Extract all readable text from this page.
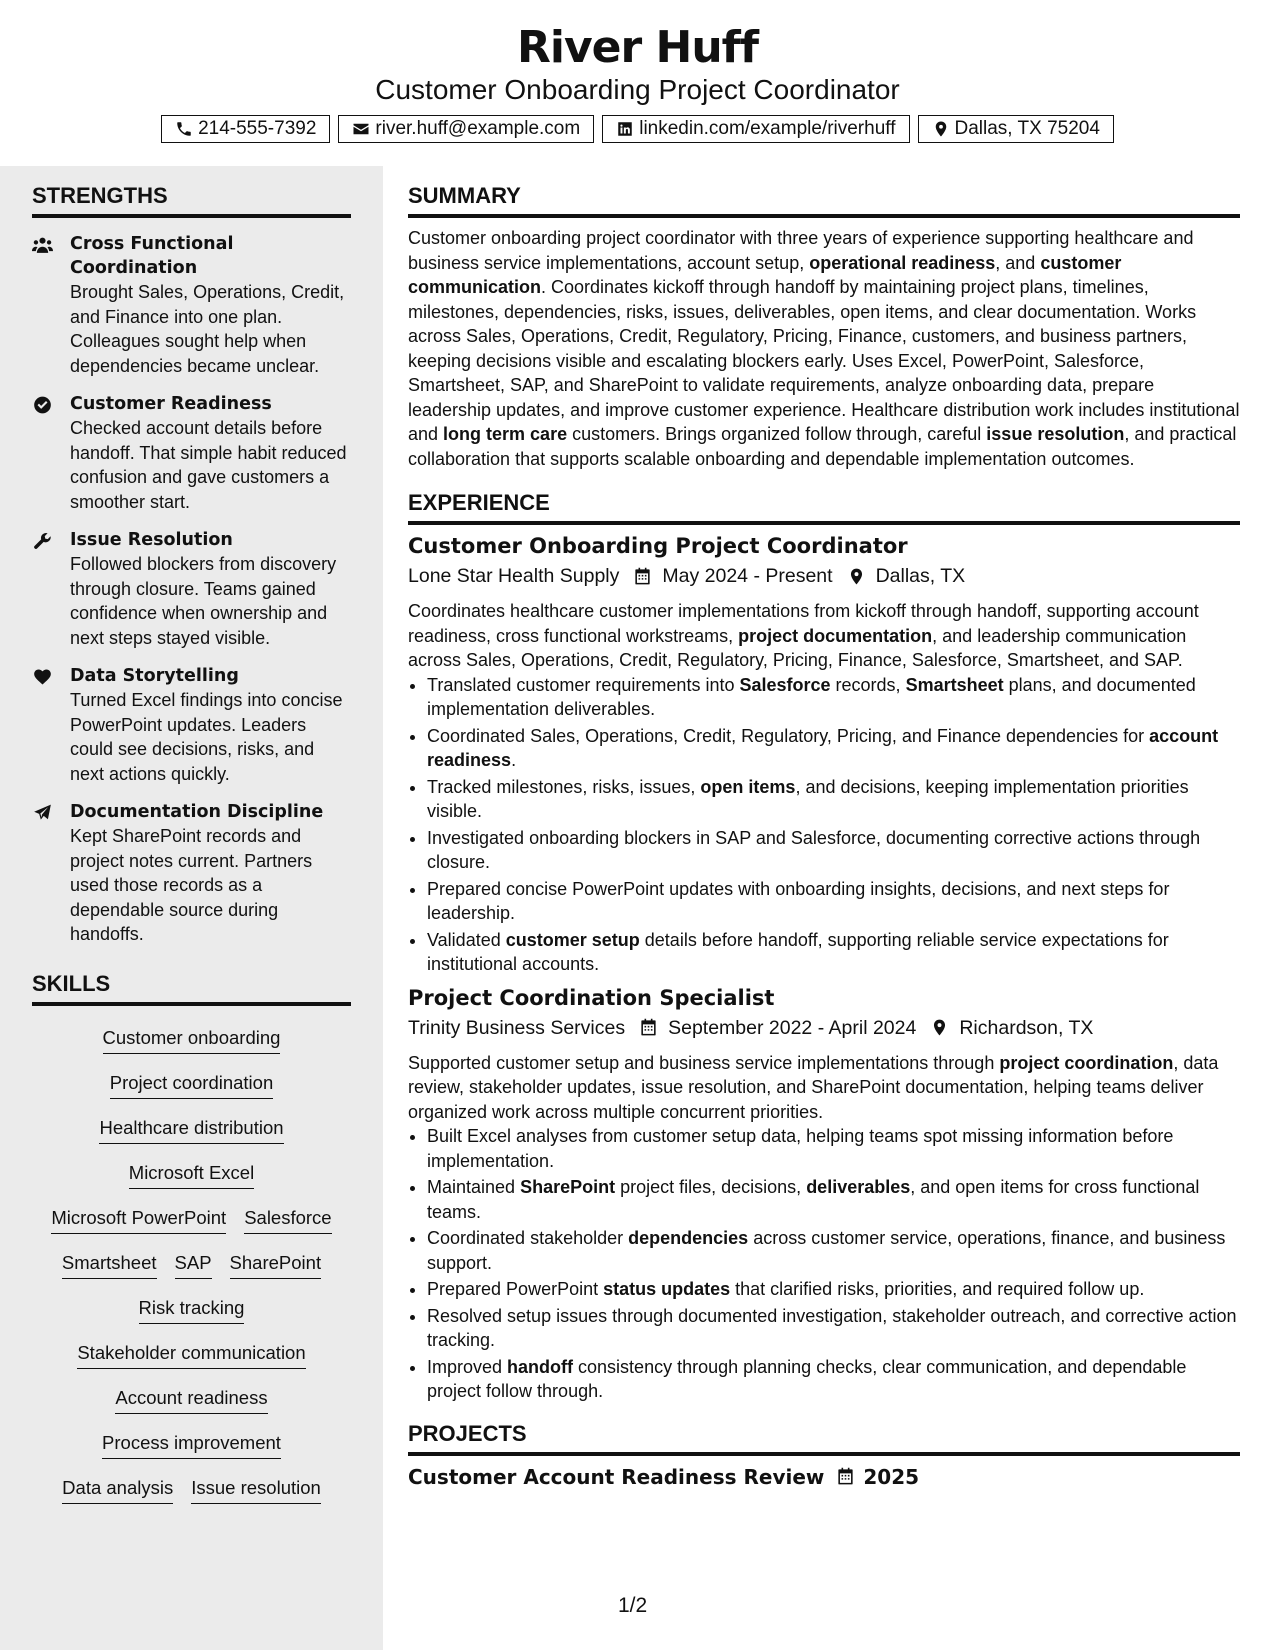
River Huff
Customer Onboarding Project Coordinator
214-555-7392	river.huff@example.com	linkedin.com/example/riverhuff	Dallas, TX 75204
STRENGTHS
Cross Functional Coordination
Brought Sales, Operations, Credit, and Finance into one plan. Colleagues sought help when dependencies became unclear.
Customer Readiness
Checked account details before handoff. That simple habit reduced confusion and gave customers a smoother start.
Issue Resolution
Followed blockers from discovery through closure. Teams gained confidence when ownership and next steps stayed visible.
Data Storytelling
Turned Excel findings into concise PowerPoint updates. Leaders could see decisions, risks, and next actions quickly.
Documentation Discipline
Kept SharePoint records and project notes current. Partners used those records as a dependable source during handoffs.
SKILLS
Customer onboarding
Project coordination
Healthcare distribution
Microsoft Excel
Microsoft PowerPoint Salesforce
Smartsheet SAP SharePoint
Risk tracking
Stakeholder communication
Account readiness
Process improvement
Data analysis Issue resolution
SUMMARY
Customer onboarding project coordinator with three years of experience supporting healthcare and business service implementations, account setup, operational readiness, and customer communication. Coordinates kickoff through handoff by maintaining project plans, timelines, milestones, dependencies, risks, issues, deliverables, open items, and clear documentation. Works across Sales, Operations, Credit, Regulatory, Pricing, Finance, customers, and business partners, keeping decisions visible and escalating blockers early. Uses Excel, PowerPoint, Salesforce, Smartsheet, SAP, and SharePoint to validate requirements, analyze onboarding data, prepare leadership updates, and improve customer experience. Healthcare distribution work includes institutional and long term care customers. Brings organized follow through, careful issue resolution, and practical collaboration that supports scalable onboarding and dependable implementation outcomes.
EXPERIENCE
Customer Onboarding Project Coordinator
Lone Star Health Supply May 2024 - Present Dallas, TX
Coordinates healthcare customer implementations from kickoff through handoff, supporting account readiness, cross functional workstreams, project documentation, and leadership communication across Sales, Operations, Credit, Regulatory, Pricing, Finance, Salesforce, Smartsheet, and SAP.
• Translated customer requirements into Salesforce records, Smartsheet plans, and documented implementation deliverables.
• Coordinated Sales, Operations, Credit, Regulatory, Pricing, and Finance dependencies for account readiness.
• Tracked milestones, risks, issues, open items, and decisions, keeping implementation priorities visible.
• Investigated onboarding blockers in SAP and Salesforce, documenting corrective actions through closure.
• Prepared concise PowerPoint updates with onboarding insights, decisions, and next steps for leadership.
• Validated customer setup details before handoff, supporting reliable service expectations for institutional accounts.
Project Coordination Specialist
Trinity Business Services September 2022 - April 2024 Richardson, TX
Supported customer setup and business service implementations through project coordination, data review, stakeholder updates, issue resolution, and SharePoint documentation, helping teams deliver organized work across multiple concurrent priorities.
• Built Excel analyses from customer setup data, helping teams spot missing information before implementation.
• Maintained SharePoint project files, decisions, deliverables, and open items for cross functional teams.
• Coordinated stakeholder dependencies across customer service, operations, finance, and business support.
• Prepared PowerPoint status updates that clarified risks, priorities, and required follow up.
• Resolved setup issues through documented investigation, stakeholder outreach, and corrective action tracking.
• Improved handoff consistency through planning checks, clear communication, and dependable project follow through.
PROJECTS
Customer Account Readiness Review 2025
1/2
